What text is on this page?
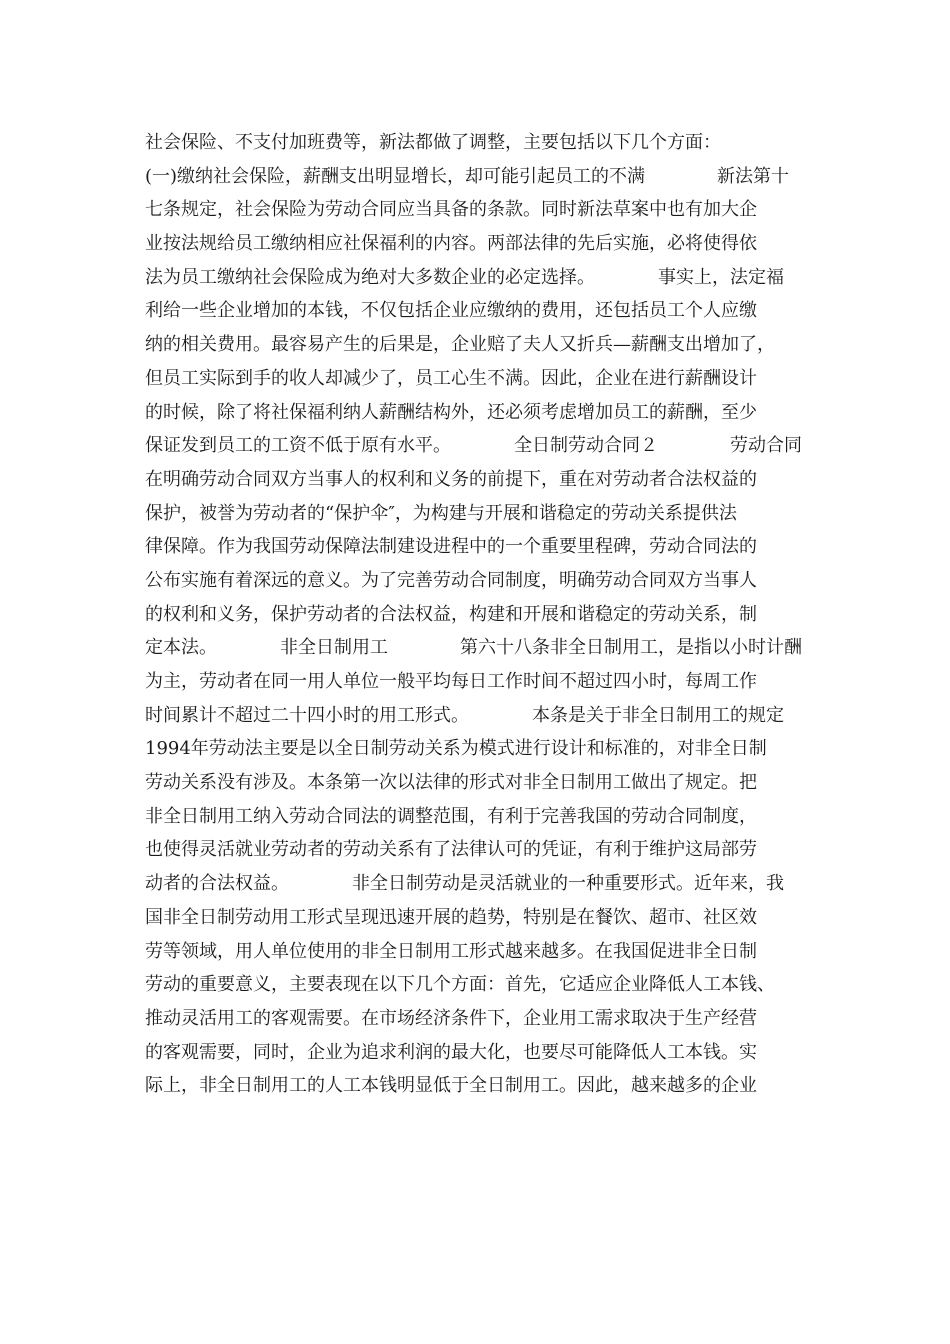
社会保险、不支付加班费等，新法都做了调整，主要包括以下几个方面：
(一)缴纳社会保险，薪酬支出明显增长，却可能引起员工的不满　　　　新法第十
七条规定，社会保险为劳动合同应当具备的条款。同时新法草案中也有加大企
业按法规给员工缴纳相应社保福利的内容。两部法律的先后实施，必将使得依
法为员工缴纳社会保险成为绝对大多数企业的必定选择。　　　　事实上，法定福
利给一些企业增加的本钱，不仅包括企业应缴纳的费用，还包括员工个人应缴
纳的相关费用。最容易产生的后果是，企业赔了夫人又折兵—薪酬支出增加了，
但员工实际到手的收人却减少了，员工心生不满。因此，企业在进行薪酬设计
的时候，除了将社保福利纳人薪酬结构外，还必须考虑增加员工的薪酬，至少
保证发到员工的工资不低于原有水平。　　　　全日制劳动合同２　　　　劳动合同
在明确劳动合同双方当事人的权利和义务的前提下，重在对劳动者合法权益的
保护，被誉为劳动者的“保护伞″，为构建与开展和谐稳定的劳动关系提供法
律保障。作为我国劳动保障法制建设进程中的一个重要里程碑，劳动合同法的
公布实施有着深远的意义。为了完善劳动合同制度，明确劳动合同双方当事人
的权利和义务，保护劳动者的合法权益，构建和开展和谐稳定的劳动关系，制
定本法。　　　　非全日制用工　　　　第六十八条非全日制用工，是指以小时计酬
为主，劳动者在同一用人单位一般平均每日工作时间不超过四小时，每周工作
时间累计不超过二十四小时的用工形式。　　　　本条是关于非全日制用工的规定
1994年劳动法主要是以全日制劳动关系为模式进行设计和标准的，对非全日制
劳动关系没有涉及。本条第一次以法律的形式对非全日制用工做出了规定。把
非全日制用工纳入劳动合同法的调整范围，有利于完善我国的劳动合同制度，
也使得灵活就业劳动者的劳动关系有了法律认可的凭证，有利于维护这局部劳
动者的合法权益。　　　　非全日制劳动是灵活就业的一种重要形式。近年来，我
国非全日制劳动用工形式呈现迅速开展的趋势，特别是在餐饮、超市、社区效
劳等领域，用人单位使用的非全日制用工形式越来越多。在我国促进非全日制
劳动的重要意义，主要表现在以下几个方面：首先，它适应企业降低人工本钱、
推动灵活用工的客观需要。在市场经济条件下，企业用工需求取决于生产经营
的客观需要，同时，企业为追求利润的最大化，也要尽可能降低人工本钱。实
际上，非全日制用工的人工本钱明显低于全日制用工。因此，越来越多的企业
